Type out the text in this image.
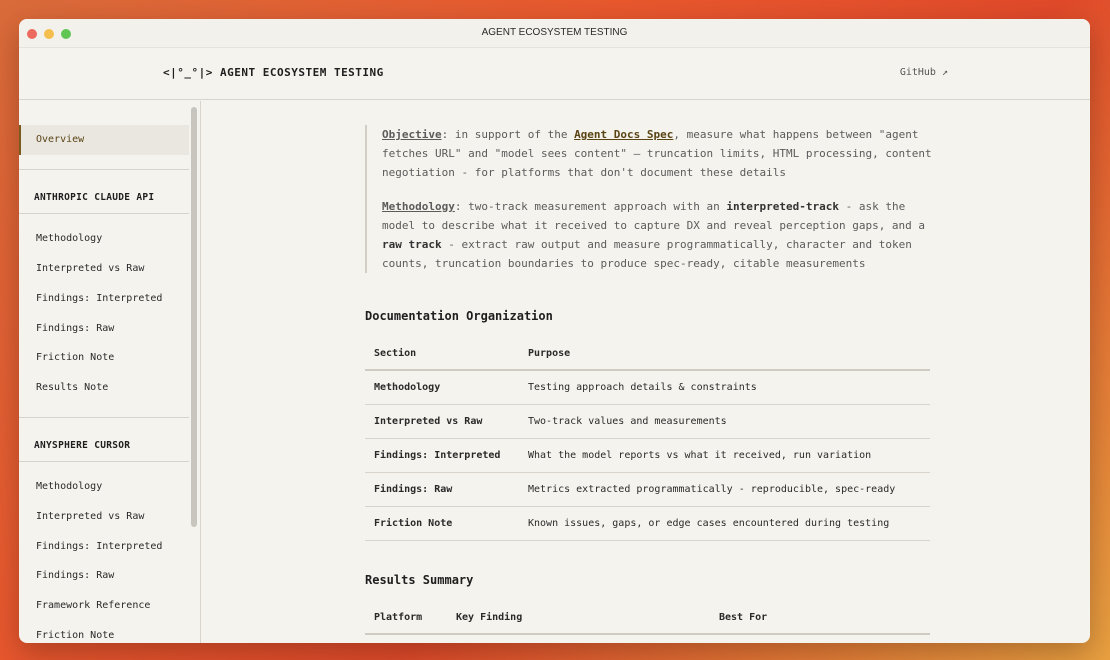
AGENT ECOSYSTEM TESTING
<|°_°|> AGENT ECOSYSTEM TESTING	GitHub ↗
Overview
ANTHROPIC CLAUDE API
Methodology
Interpreted vs Raw
Findings: Interpreted
Findings: Raw
Friction Note
Results Note
ANYSPHERE CURSOR
Methodology
Interpreted vs Raw
Findings: Interpreted
Findings: Raw
Framework Reference
Friction Note

Objective: in support of the Agent Docs Spec, measure what happens between "agent fetches URL" and "model sees content" — truncation limits, HTML processing, content negotiation - for platforms that don't document these details

Methodology: two-track measurement approach with an interpreted-track - ask the model to describe what it received to capture DX and reveal perception gaps, and a raw track - extract raw output and measure programmatically, character and token counts, truncation boundaries to produce spec-ready, citable measurements

Documentation Organization
Section	Purpose
Methodology	Testing approach details & constraints
Interpreted vs Raw	Two-track values and measurements
Findings: Interpreted	What the model reports vs what it received, run variation
Findings: Raw	Metrics extracted programmatically - reproducible, spec-ready
Friction Note	Known issues, gaps, or edge cases encountered during testing
Results Summary
Platform	Key Finding	Best For
